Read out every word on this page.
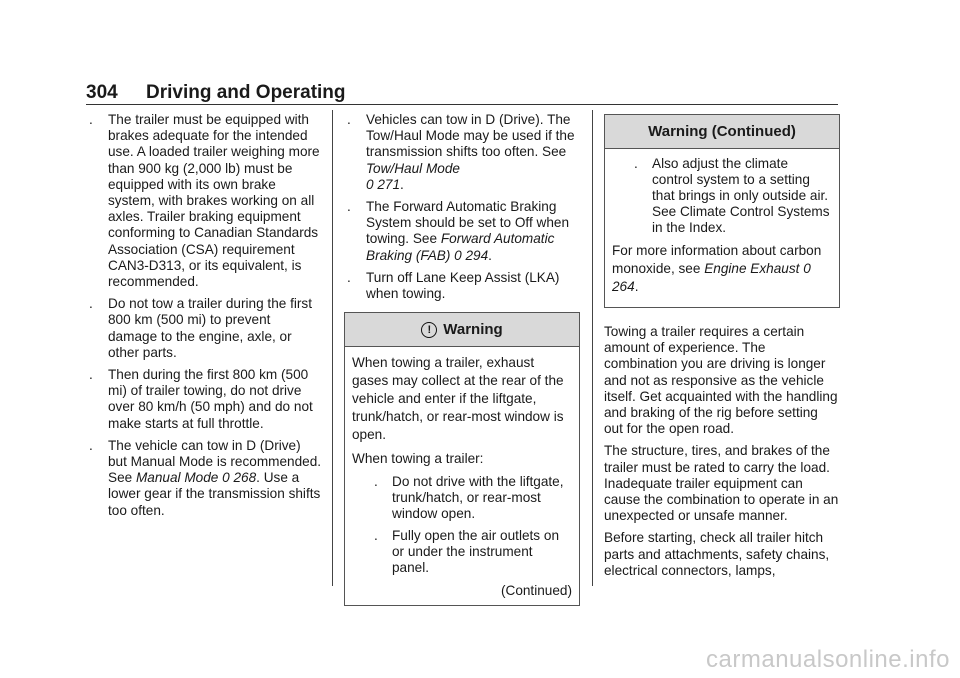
304 Driving and Operating
. The trailer must be equipped with brakes adequate for the intended use. A loaded trailer weighing more than 900 kg (2,000 lb) must be equipped with its own brake system, with brakes working on all axles. Trailer braking equipment conforming to Canadian Standards Association (CSA) requirement CAN3-D313, or its equivalent, is recommended.
. Do not tow a trailer during the first 800 km (500 mi) to prevent damage to the engine, axle, or other parts.
. Then during the first 800 km (500 mi) of trailer towing, do not drive over 80 km/h (50 mph) and do not make starts at full throttle.
. The vehicle can tow in D (Drive) but Manual Mode is recommended. See Manual Mode 0 268. Use a lower gear if the transmission shifts too often.
. Vehicles can tow in D (Drive). The Tow/Haul Mode may be used if the transmission shifts too often. See Tow/Haul Mode
0 271.
. The Forward Automatic Braking System should be set to Off when towing. See Forward Automatic Braking (FAB) 0 294.
. Turn off Lane Keep Assist (LKA) when towing.
! Warning
When towing a trailer, exhaust gases may collect at the rear of the vehicle and enter if the liftgate, trunk/hatch, or rear-most window is open.
When towing a trailer:
. Do not drive with the liftgate, trunk/hatch, or rear-most window open.
. Fully open the air outlets on or under the instrument panel.
(Continued)
Warning (Continued)
. Also adjust the climate control system to a setting that brings in only outside air. See Climate Control Systems in the Index.
For more information about carbon monoxide, see Engine Exhaust 0 264.
Towing a trailer requires a certain amount of experience. The combination you are driving is longer and not as responsive as the vehicle itself. Get acquainted with the handling and braking of the rig before setting out for the open road.
The structure, tires, and brakes of the trailer must be rated to carry the load. Inadequate trailer equipment can cause the combination to operate in an unexpected or unsafe manner.
Before starting, check all trailer hitch parts and attachments, safety chains, electrical connectors, lamps,
carmanualsonline.info
